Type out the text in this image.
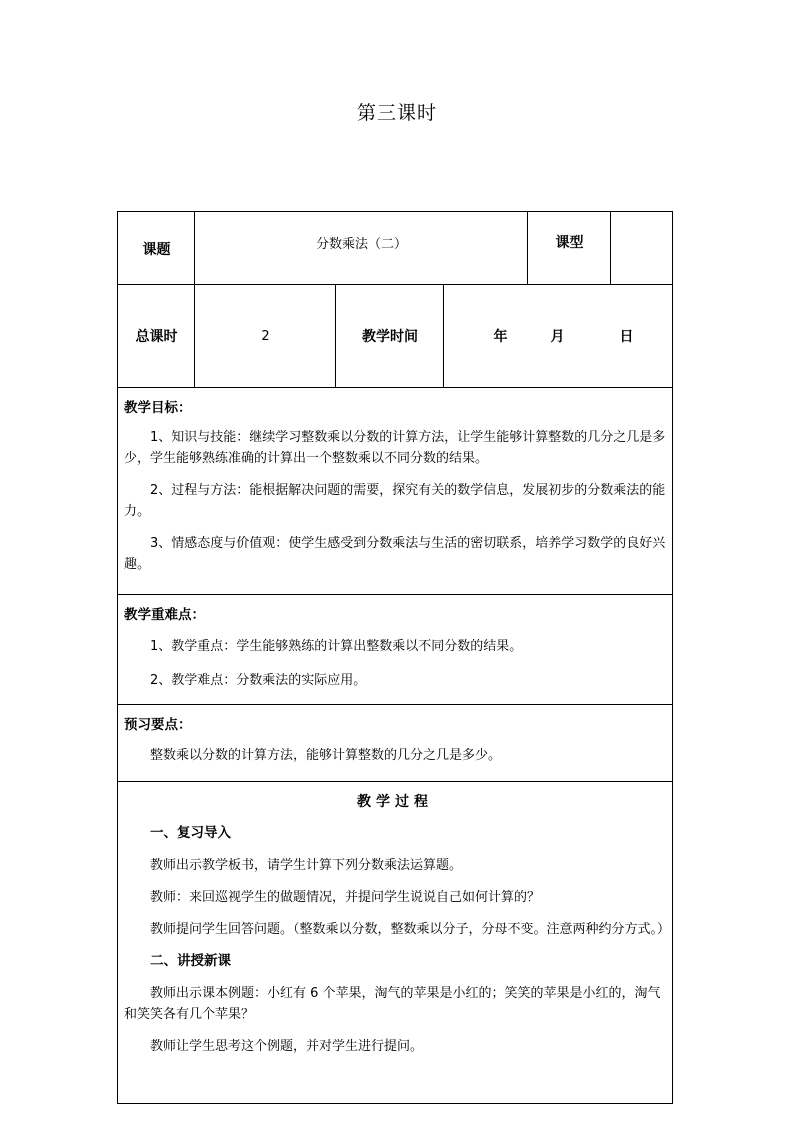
第三课时
课题	分数乘法（二）	课型
总课时	2	教学时间	年	月	日
教学目标：

1、知识与技能：继续学习整数乘以分数的计算方法，让学生能够计算整数的几分之几是多少，学生能够熟练准确的计算出一个整数乘以不同分数的结果。

2、过程与方法：能根据解决问题的需要，探究有关的数学信息，发展初步的分数乘法的能力。

3、情感态度与价值观：使学生感受到分数乘法与生活的密切联系，培养学习数学的良好兴趣。

教学重难点：

1、教学重点：学生能够熟练的计算出整数乘以不同分数的结果。

2、教学难点：分数乘法的实际应用。

预习要点：

整数乘以分数的计算方法，能够计算整数的几分之几是多少。

教学过程

一、复习导入

教师出示教学板书，请学生计算下列分数乘法运算题。

教师：来回巡视学生的做题情况，并提问学生说说自己如何计算的？

教师提问学生回答问题。（整数乘以分数，整数乘以分子，分母不变。注意两种约分方式。）

二、讲授新课

教师出示课本例题：小红有 6 个苹果，淘气的苹果是小红的；笑笑的苹果是小红的，淘气和笑笑各有几个苹果？

教师让学生思考这个例题，并对学生进行提问。
